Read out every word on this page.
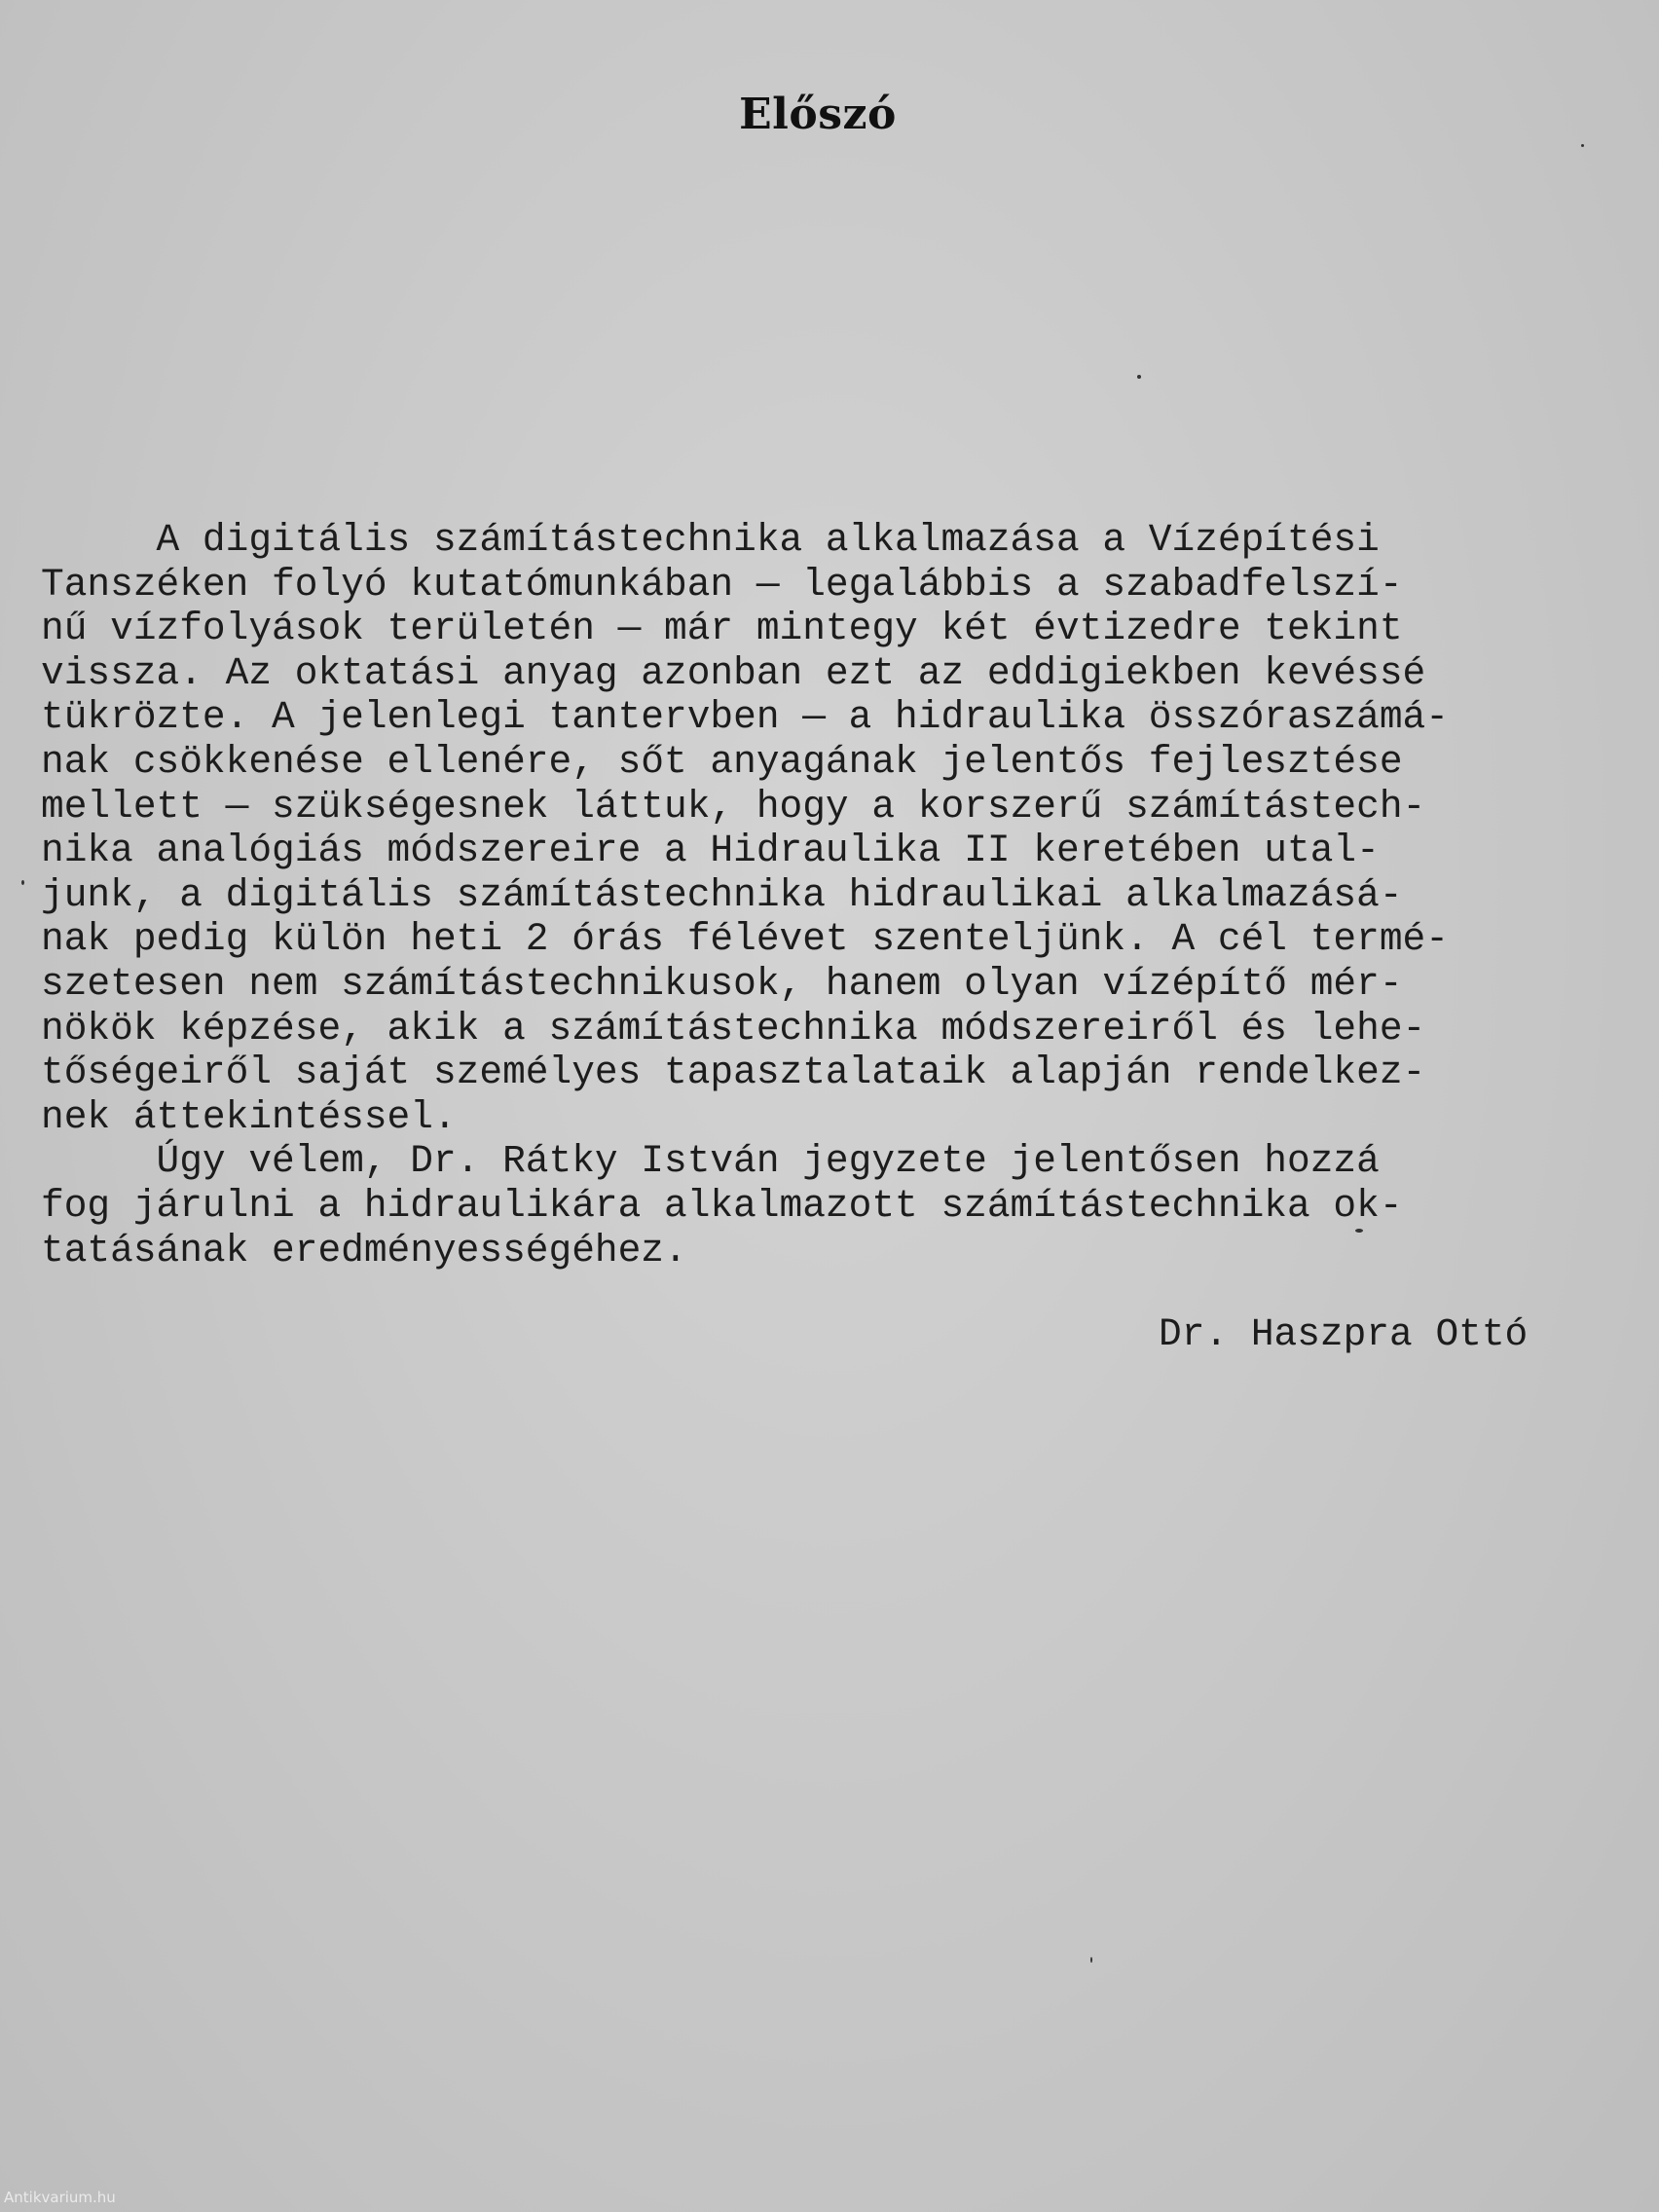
Előszó
A digitális számítástechnika alkalmazása a Vízépítési
Tanszéken folyó kutatómunkában — legalábbis a szabadfelszí-
nű vízfolyások területén — már mintegy két évtizedre tekint
vissza. Az oktatási anyag azonban ezt az eddigiekben kevéssé
tükrözte. A jelenlegi tantervben — a hidraulika összóraszámá-
nak csökkenése ellenére, sőt anyagának jelentős fejlesztése
mellett — szükségesnek láttuk, hogy a korszerű számítástech-
nika analógiás módszereire a Hidraulika II keretében utal-
junk, a digitális számítástechnika hidraulikai alkalmazásá-
nak pedig külön heti 2 órás félévet szenteljünk. A cél termé-
szetesen nem számítástechnikusok, hanem olyan vízépítő mér-
nökök képzése, akik a számítástechnika módszereiről és lehe-
tőségeiről saját személyes tapasztalataik alapján rendelkez-
nek áttekintéssel.
Úgy vélem, Dr. Rátky István jegyzete jelentősen hozzá
fog járulni a hidraulikára alkalmazott számítástechnika ok-
tatásának eredményességéhez.
Dr. Haszpra Ottó
Antikvarium.hu
